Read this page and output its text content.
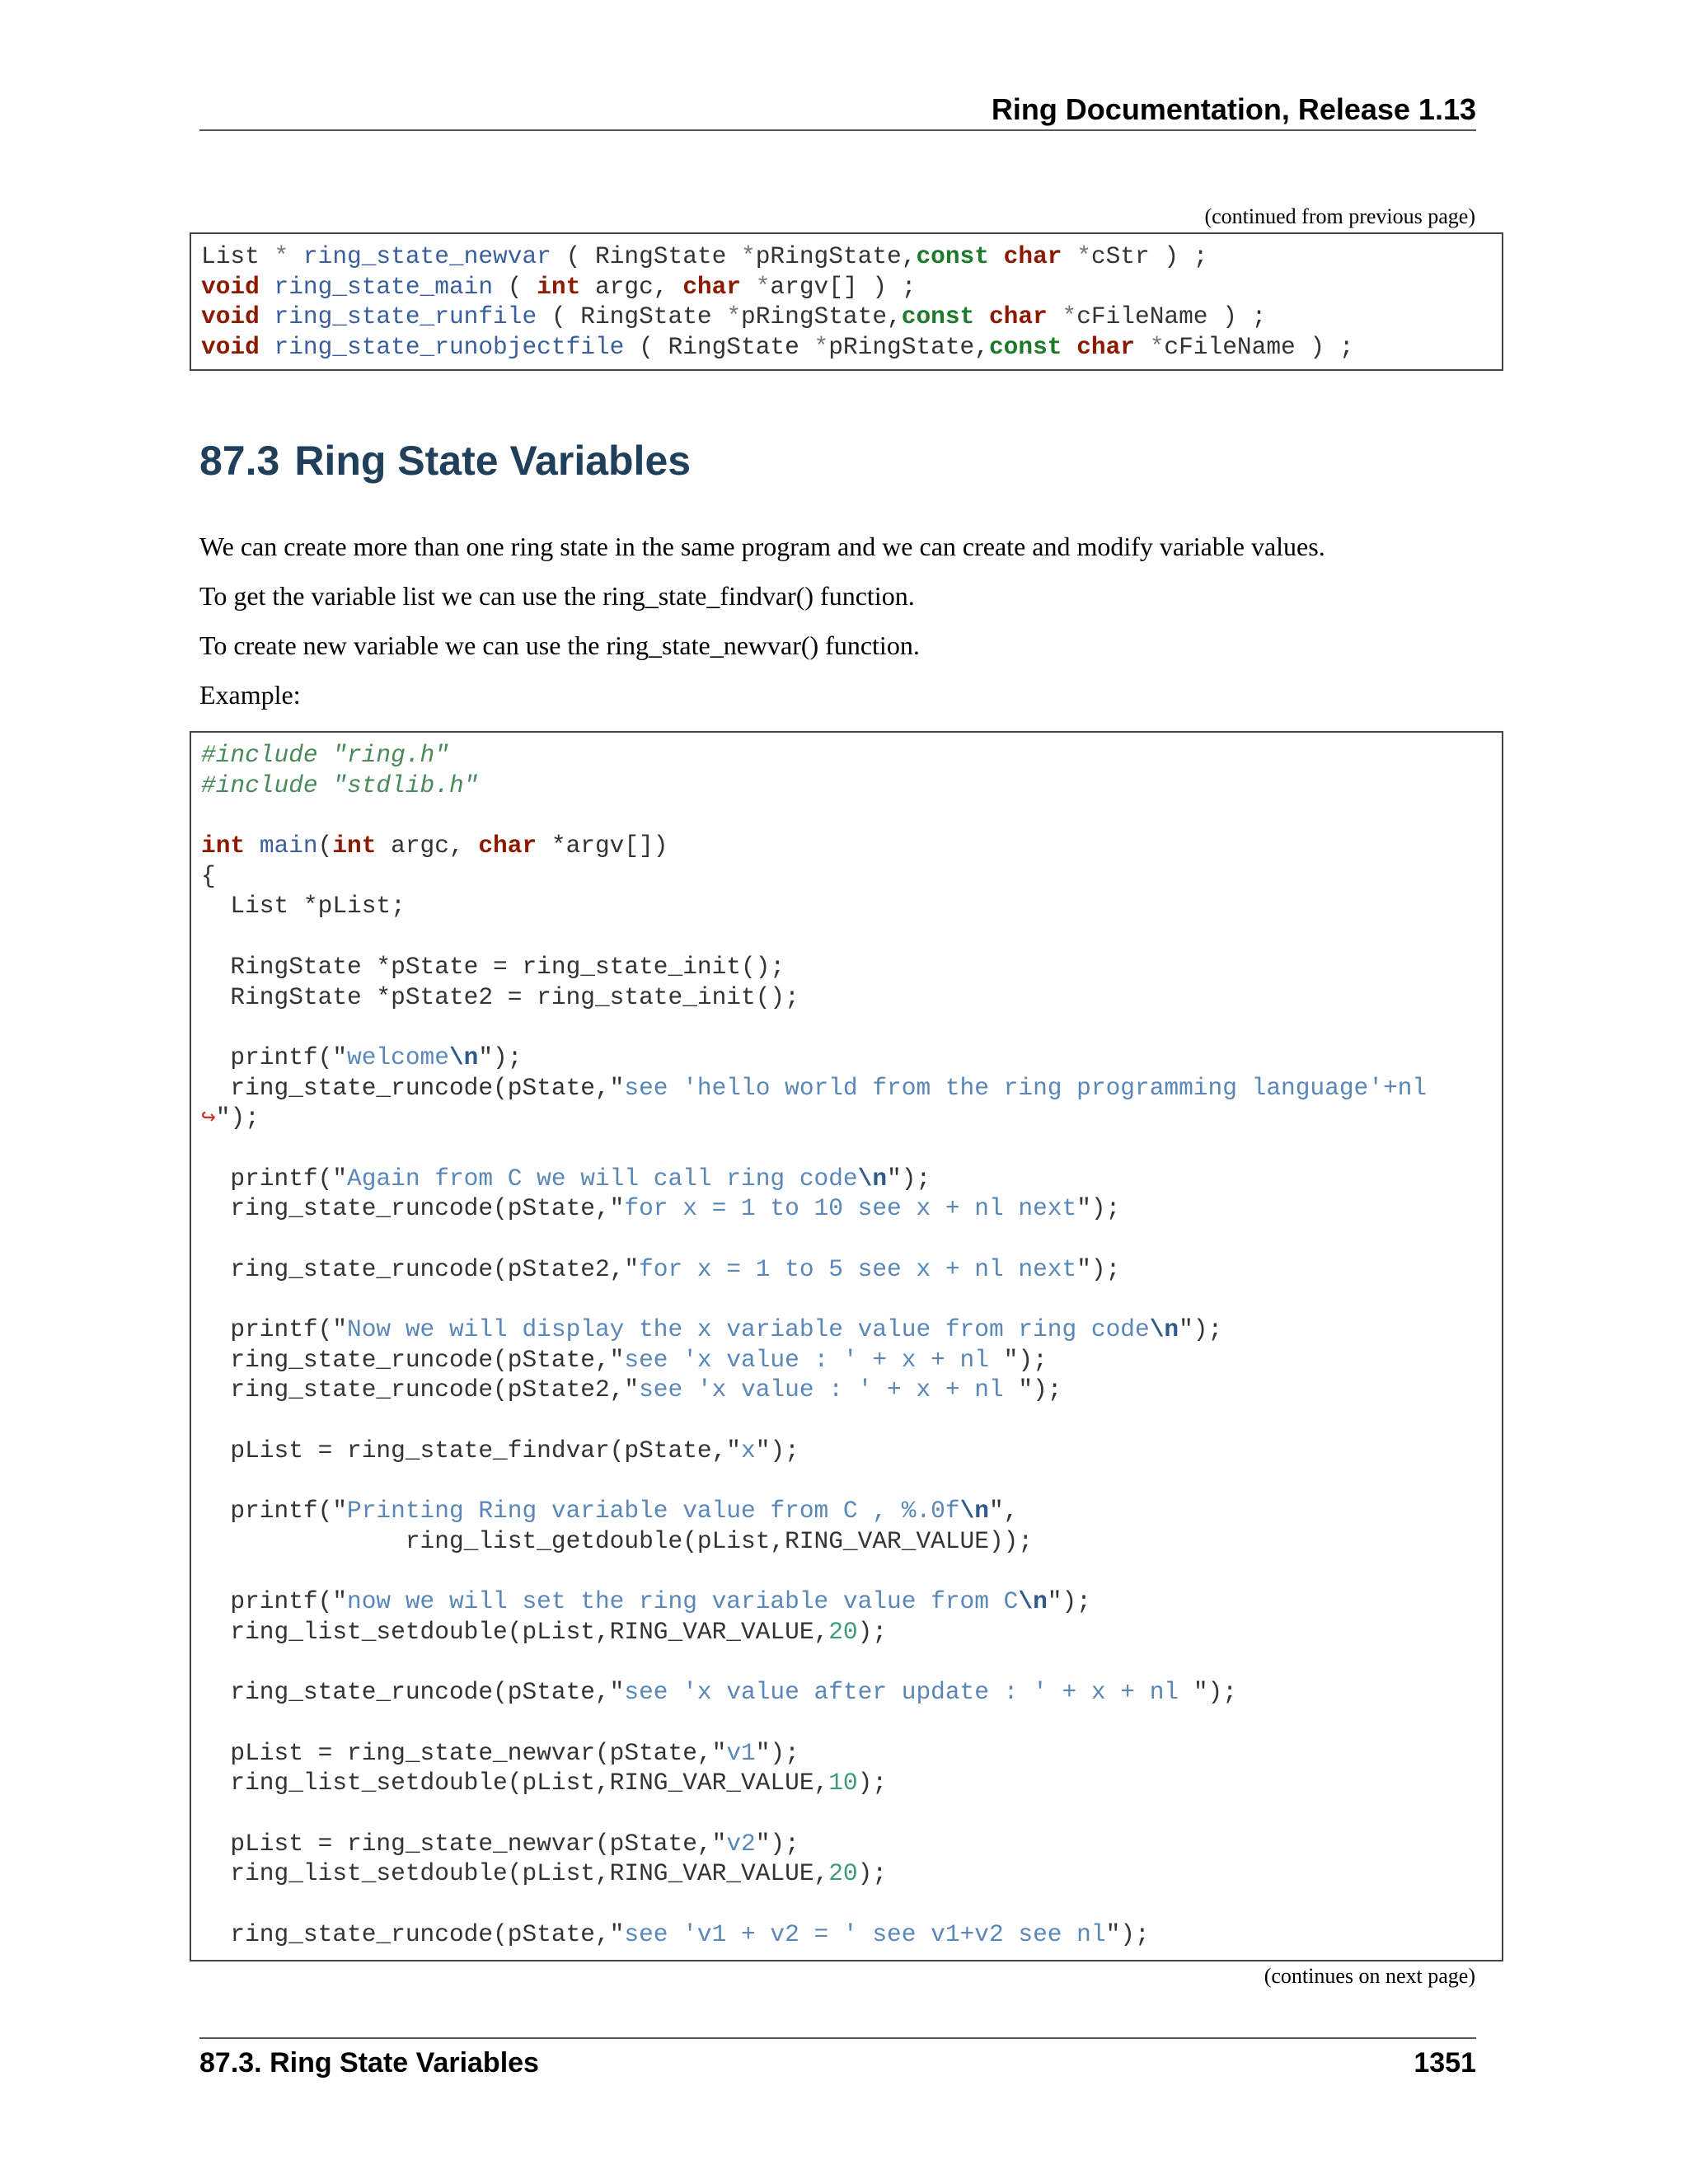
Ring Documentation, Release 1.13
(continued from previous page)
List * ring_state_newvar ( RingState *pRingState,const char *cStr ) ;
void ring_state_main ( int argc, char *argv[] ) ;
void ring_state_runfile ( RingState *pRingState,const char *cFileName ) ;
void ring_state_runobjectfile ( RingState *pRingState,const char *cFileName ) ;
87.3 Ring State Variables
We can create more than one ring state in the same program and we can create and modify variable values.
To get the variable list we can use the ring_state_findvar() function.
To create new variable we can use the ring_state_newvar() function.
Example:
#include "ring.h"
#include "stdlib.h"
int main(int argc, char *argv[])
{
List *pList;
RingState *pState = ring_state_init();
RingState *pState2 = ring_state_init();
printf("welcome\n");
ring_state_runcode(pState,"see 'hello world from the ring programming language'+nl
↪");
printf("Again from C we will call ring code\n");
ring_state_runcode(pState,"for x = 1 to 10 see x + nl next");
ring_state_runcode(pState2,"for x = 1 to 5 see x + nl next");
printf("Now we will display the x variable value from ring code\n");
ring_state_runcode(pState,"see 'x value : ' + x + nl ");
ring_state_runcode(pState2,"see 'x value : ' + x + nl ");
pList = ring_state_findvar(pState,"x");
printf("Printing Ring variable value from C , %.0f\n",
ring_list_getdouble(pList,RING_VAR_VALUE));
printf("now we will set the ring variable value from C\n");
ring_list_setdouble(pList,RING_VAR_VALUE,20);
ring_state_runcode(pState,"see 'x value after update : ' + x + nl ");
pList = ring_state_newvar(pState,"v1");
ring_list_setdouble(pList,RING_VAR_VALUE,10);
pList = ring_state_newvar(pState,"v2");
ring_list_setdouble(pList,RING_VAR_VALUE,20);
ring_state_runcode(pState,"see 'v1 + v2 = ' see v1+v2 see nl");
(continues on next page)
87.3. Ring State Variables	1351
